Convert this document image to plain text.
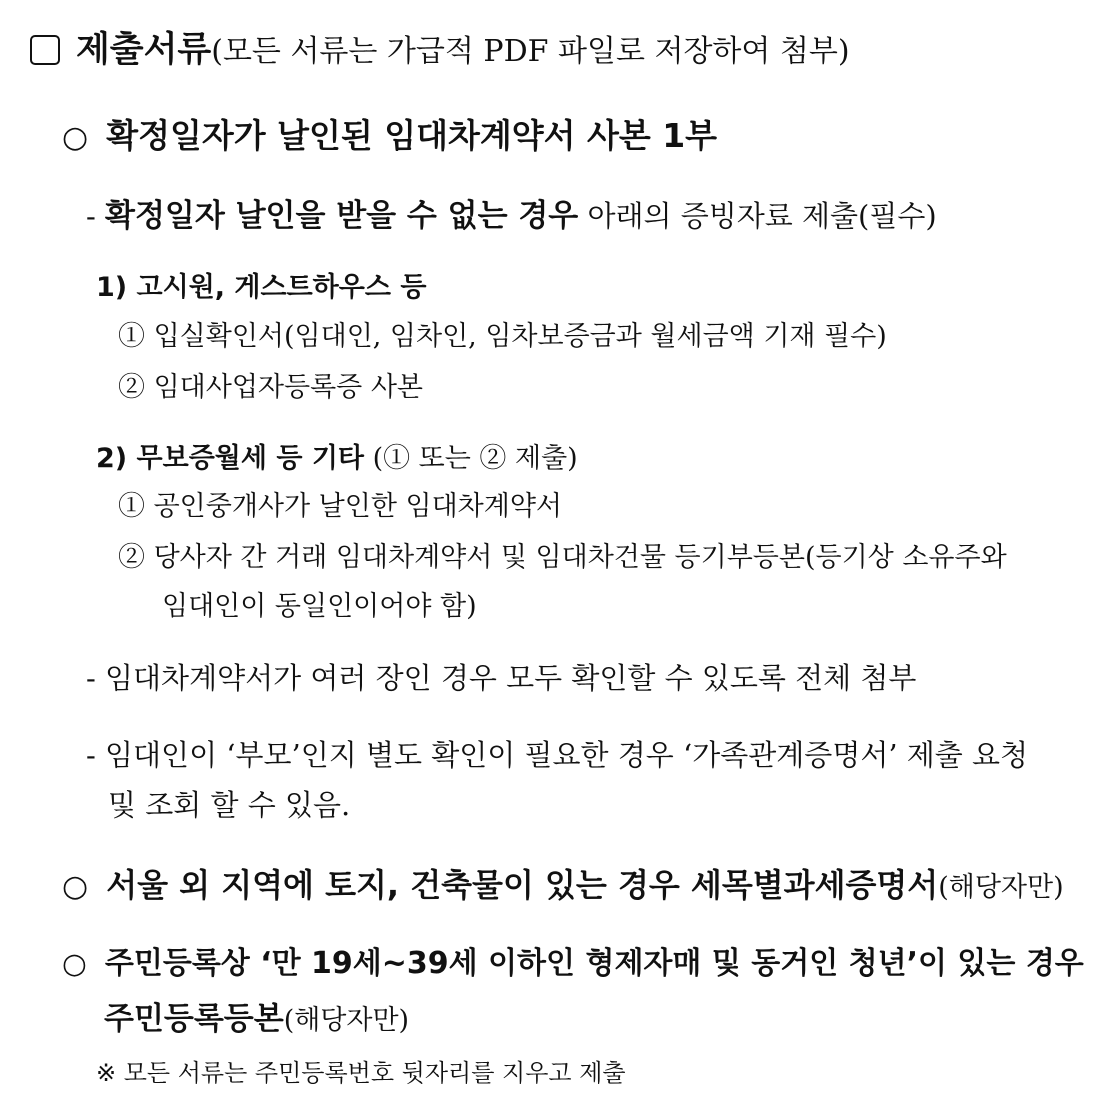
제출서류(모든 서류는 가급적 PDF 파일로 저장하여 첨부)
○ 확정일자가 날인된 임대차계약서 사본 1부
- 확정일자 날인을 받을 수 없는 경우 아래의 증빙자료 제출(필수)
1) 고시원, 게스트하우스 등
① 입실확인서(임대인, 임차인, 임차보증금과 월세금액 기재 필수)
② 임대사업자등록증 사본
2) 무보증월세 등 기타 (① 또는 ② 제출)
① 공인중개사가 날인한 임대차계약서
② 당사자 간 거래 임대차계약서 및 임대차건물 등기부등본(등기상 소유주와
임대인이 동일인이어야 함)
- 임대차계약서가 여러 장인 경우 모두 확인할 수 있도록 전체 첨부
- 임대인이 ‘부모’인지 별도 확인이 필요한 경우 ‘가족관계증명서’ 제출 요청
및 조회 할 수 있음.
○ 서울 외 지역에 토지, 건축물이 있는 경우 세목별과세증명서(해당자만)
○ 주민등록상 ‘만 19세~39세 이하인 형제자매 및 동거인 청년’이 있는 경우
주민등록등본(해당자만)
※ 모든 서류는 주민등록번호 뒷자리를 지우고 제출
